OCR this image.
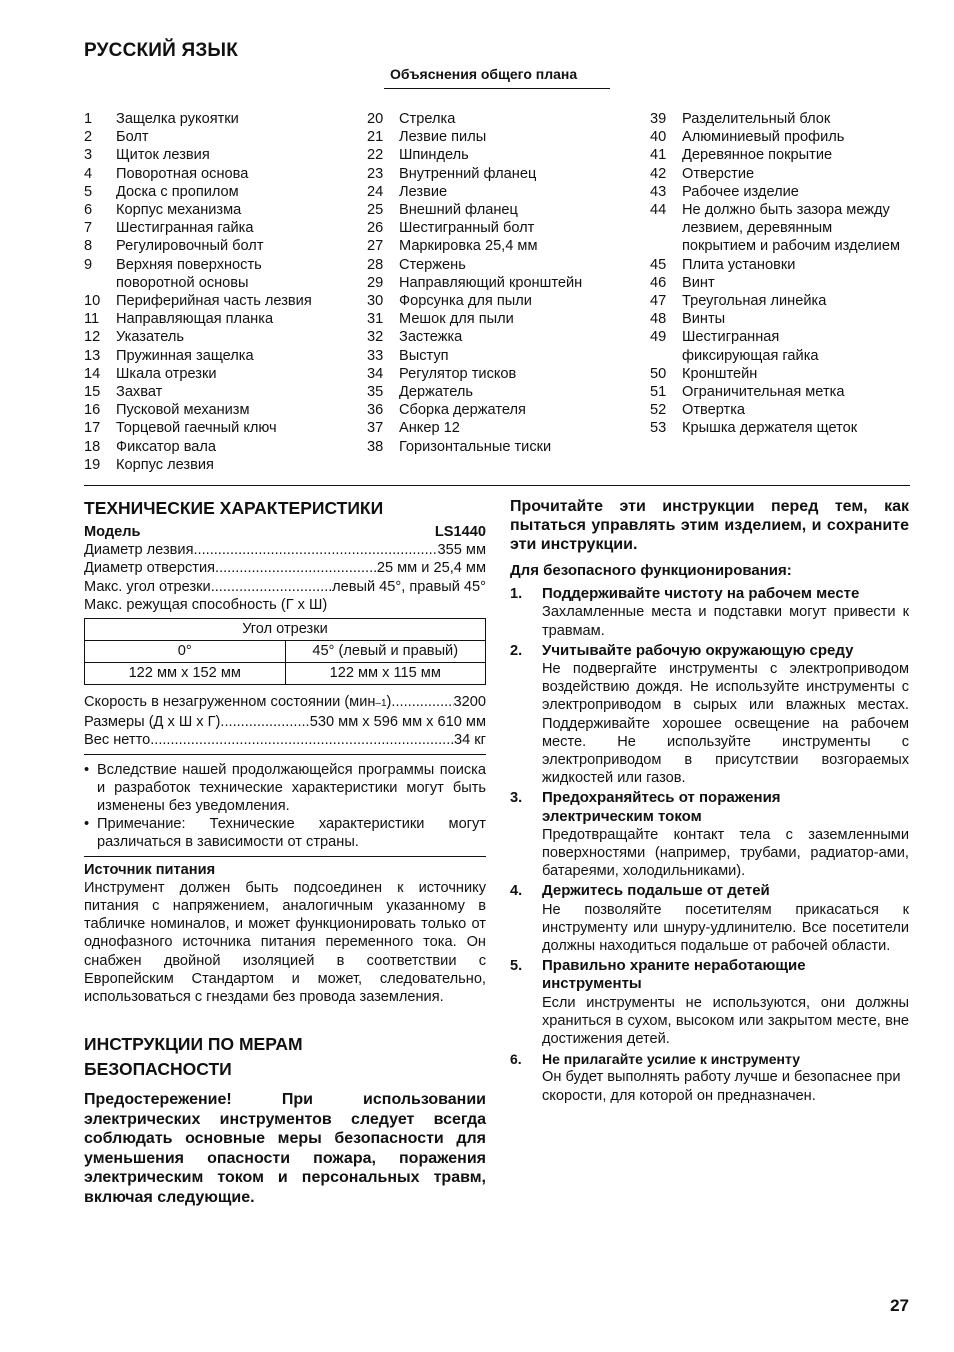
РУССКИЙ ЯЗЫК
Объяснения общего плана
1	Защелка рукоятки
2	Болт
3	Щиток лезвия
4	Поворотная основа
5	Доска с пропилом
6	Корпус механизма
7	Шестигранная гайка
8	Регулировочный болт
9	Верхняя поверхность поворотной основы
10	Периферийная часть лезвия
11	Направляющая планка
12	Указатель
13	Пружинная защелка
14	Шкала отрезки
15	Захват
16	Пусковой механизм
17	Торцевой гаечный ключ
18	Фиксатор вала
19	Корпус лезвия
20	Стрелка
21	Лезвие пилы
22	Шпиндель
23	Внутренний фланец
24	Лезвие
25	Внешний фланец
26	Шестигранный болт
27	Маркировка 25,4 мм
28	Стержень
29	Направляющий кронштейн
30	Форсунка для пыли
31	Мешок для пыли
32	Застежка
33	Выступ
34	Регулятор тисков
35	Держатель
36	Сборка держателя
37	Анкер 12
38	Горизонтальные тиски
39	Разделительный блок
40	Алюминиевый профиль
41	Деревянное покрытие
42	Отверстие
43	Рабочее изделие
44	Не должно быть зазора между лезвием, деревянным покрытием и рабочим изделием
45	Плита установки
46	Винт
47	Треугольная линейка
48	Винты
49	Шестигранная фиксирующая гайка
50	Кронштейн
51	Ограничительная метка
52	Отвертка
53	Крышка держателя щеток
ТЕХНИЧЕСКИЕ ХАРАКТЕРИСТИКИ
Модель	LS1440
Диаметр лезвия .....	355 мм
Диаметр отверстия .....	25 мм и 25,4 мм
Макс. угол отрезки .....	левый 45°, правый 45°
Макс. режущая способность (Г x Ш)
Угол отрезки	
0°	45° (левый и правый)
122 мм x 152 мм	122 мм x 115 мм
Скорость в незагруженном состоянии (мин –1 ) .....	3200
Размеры (Д x Ш x Г) .....	530 мм x 596 мм x 610 мм
Вес нетто .....	34 кг
• Вследствие нашей продолжающейся программы поиска и разработок технические характеристики могут быть изменены без уведомления.
• Примечание: Технические характеристики могут различаться в зависимости от страны.
Источник питания
Инструмент должен быть подсоединен к источнику питания с напряжением, аналогичным указанному в табличке номиналов, и может функционировать только от однофазного источника питания переменного тока. Он снабжен двойной изоляцией в соответствии с Европейским Стандартом и может, следовательно, использоваться с гнездами без провода заземления.
ИНСТРУКЦИИ ПО МЕРАМ
БЕЗОПАСНОСТИ
Предостережение! При использовании электрических инструментов следует всегда соблюдать основные меры безопасности для уменьшения опасности пожара, поражения электрическим током и персональных травм, включая следующие.
Прочитайте эти инструкции перед тем, как пытаться управлять этим изделием, и сохраните эти инструкции.
Для безопасного функционирования:
1.	Поддерживайте чистоту на рабочем месте
Захламленные места и подставки могут привести к травмам.
2.	Учитывайте рабочую окружающую среду
Не подвергайте инструменты с электроприводом воздействию дождя. Не используйте инструменты с электроприводом в сырых или влажных местах. Поддерживайте хорошее освещение на рабочем месте. Не используйте инструменты с электроприводом в присутствии возгораемых жидкостей или газов.
3.	Предохраняйтесь от поражения электрическим током
Предотвращайте контакт тела с заземленными поверхностями (например, трубами, радиатор-ами, батареями, холодильниками).
4.	Держитесь подальше от детей
Не позволяйте посетителям прикасаться к инструменту или шнуру-удлинителю. Все посетители должны находиться подальше от рабочей области.
5.	Правильно храните неработающие инструменты
Если инструменты не используются, они должны храниться в сухом, высоком или закрытом месте, вне достижения детей.
6.	Не прилагайте усилие к инструменту
Он будет выполнять работу лучше и безопаснее при скорости, для которой он предназначен.
27
